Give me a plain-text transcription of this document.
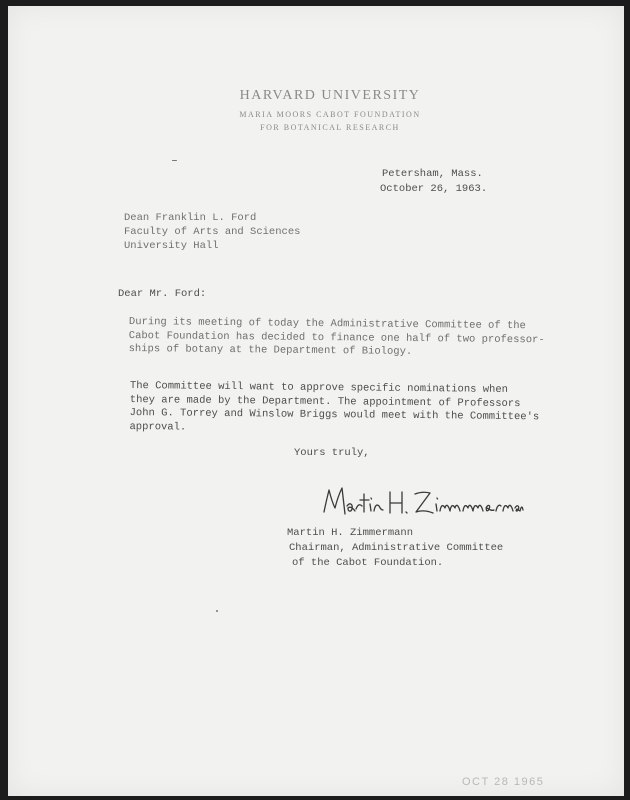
HARVARD UNIVERSITY
MARIA MOORS CABOT FOUNDATION
FOR BOTANICAL RESEARCH
Petersham, Mass.
October 26, 1963.
Dean Franklin L. Ford
Faculty of Arts and Sciences
University Hall
Dear Mr. Ford:
During its meeting of today the Administrative Committee of the
Cabot Foundation has decided to finance one half of two professor-
ships of botany at the Department of Biology.
The Committee will want to approve specific nominations when
they are made by the Department. The appointment of Professors
John G. Torrey and Winslow Briggs would meet with the Committee's
approval.
Yours truly,
Martin H. Zimmermann
Chairman, Administrative Committee
of the Cabot Foundation.
OCT 28 1965
